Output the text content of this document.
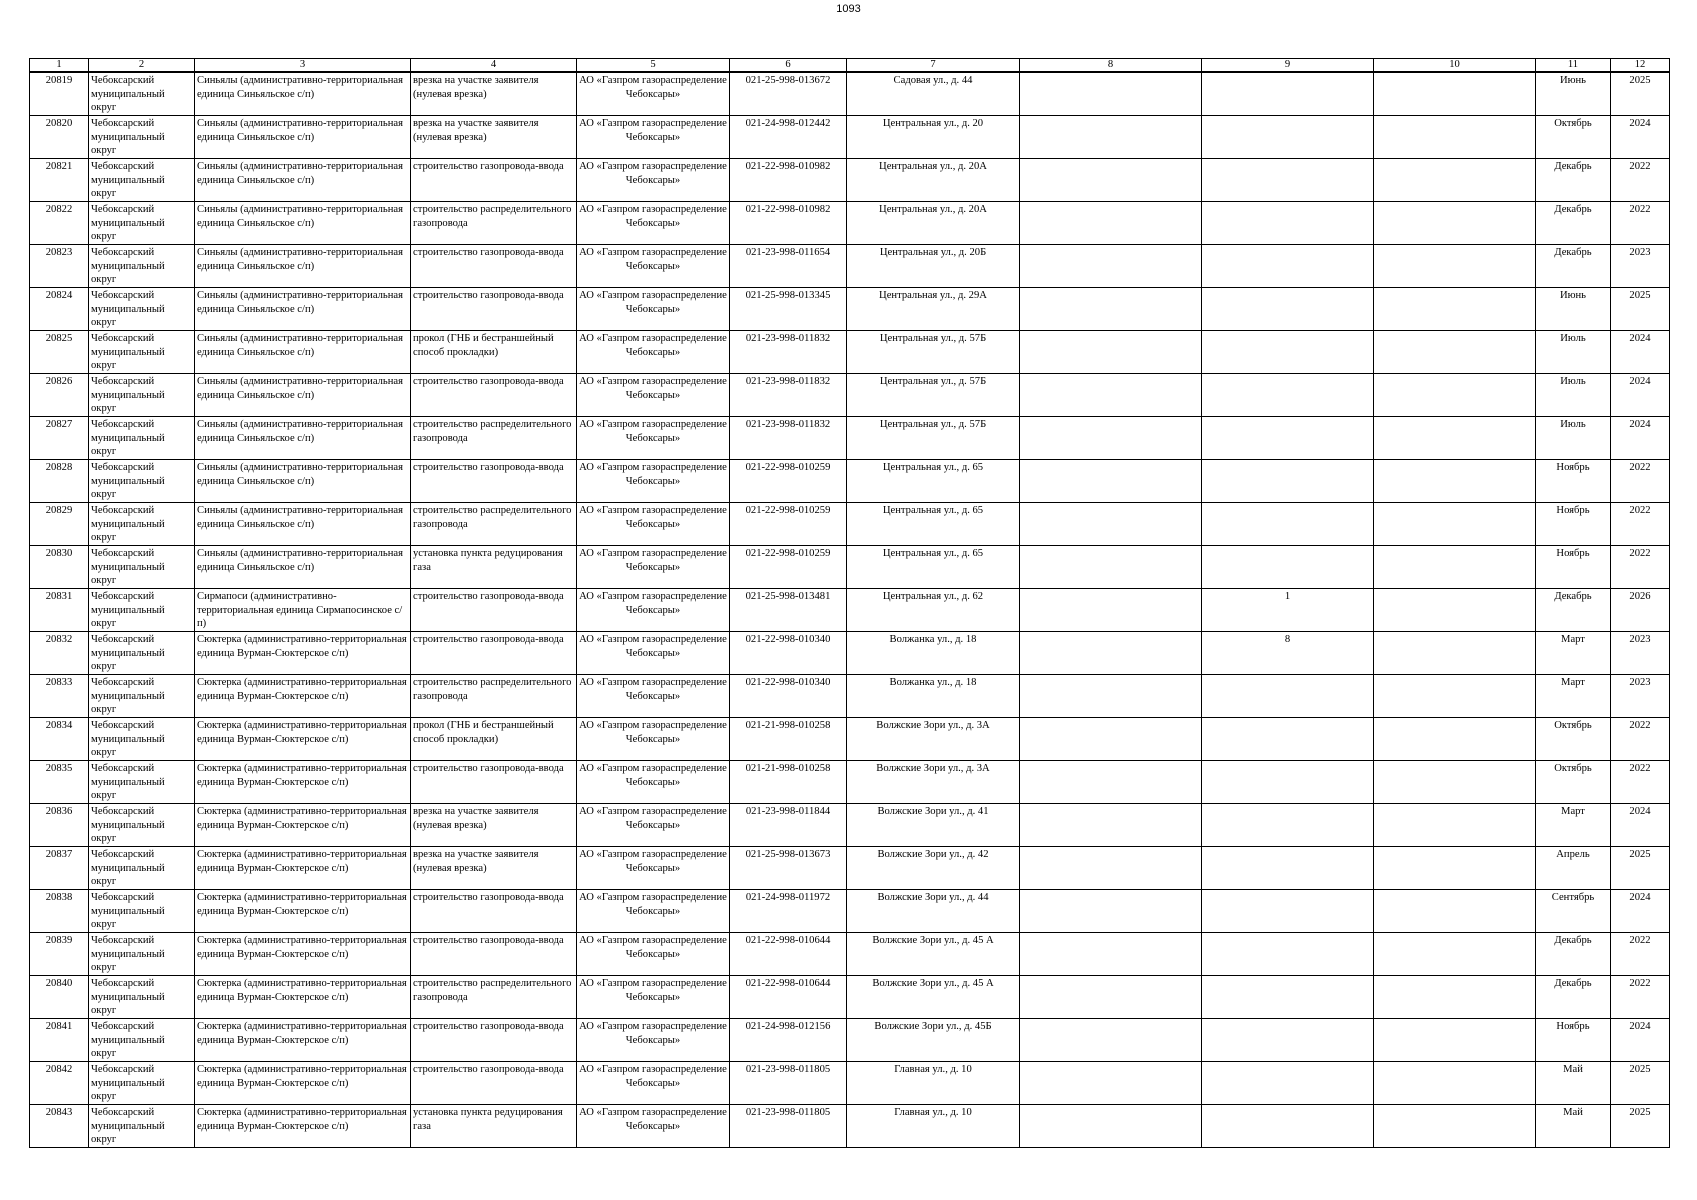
1093
1	2	3	4	5	6	7	8	9	10	11	12

20819	Чебоксарский муниципальный округ	Синьялы (административно-территориальная единица Синьяльское с/п)	врезка на участке заявителя (нулевая врезка)	АО «Газпром газораспределение Чебоксары»	021-25-998-013672	Садовая ул., д. 44				Июнь	2025

20820	Чебоксарский муниципальный округ	Синьялы (административно-территориальная единица Синьяльское с/п)	врезка на участке заявителя (нулевая врезка)	АО «Газпром газораспределение Чебоксары»	021-24-998-012442	Центральная ул., д. 20				Октябрь	2024

20821	Чебоксарский муниципальный округ	Синьялы (административно-территориальная единица Синьяльское с/п)	строительство газопровода-ввода	АО «Газпром газораспределение Чебоксары»	021-22-998-010982	Центральная ул., д. 20А				Декабрь	2022

20822	Чебоксарский муниципальный округ	Синьялы (административно-территориальная единица Синьяльское с/п)	строительство распределительного газопровода	АО «Газпром газораспределение Чебоксары»	021-22-998-010982	Центральная ул., д. 20А				Декабрь	2022

20823	Чебоксарский муниципальный округ	Синьялы (административно-территориальная единица Синьяльское с/п)	строительство газопровода-ввода	АО «Газпром газораспределение Чебоксары»	021-23-998-011654	Центральная ул., д. 20Б				Декабрь	2023

20824	Чебоксарский муниципальный округ	Синьялы (административно-территориальная единица Синьяльское с/п)	строительство газопровода-ввода	АО «Газпром газораспределение Чебоксары»	021-25-998-013345	Центральная ул., д. 29А				Июнь	2025

20825	Чебоксарский муниципальный округ	Синьялы (административно-территориальная единица Синьяльское с/п)	прокол (ГНБ и бестраншейный способ прокладки)	АО «Газпром газораспределение Чебоксары»	021-23-998-011832	Центральная ул., д. 57Б				Июль	2024

20826	Чебоксарский муниципальный округ	Синьялы (административно-территориальная единица Синьяльское с/п)	строительство газопровода-ввода	АО «Газпром газораспределение Чебоксары»	021-23-998-011832	Центральная ул., д. 57Б				Июль	2024

20827	Чебоксарский муниципальный округ	Синьялы (административно-территориальная единица Синьяльское с/п)	строительство распределительного газопровода	АО «Газпром газораспределение Чебоксары»	021-23-998-011832	Центральная ул., д. 57Б				Июль	2024

20828	Чебоксарский муниципальный округ	Синьялы (административно-территориальная единица Синьяльское с/п)	строительство газопровода-ввода	АО «Газпром газораспределение Чебоксары»	021-22-998-010259	Центральная ул., д. 65				Ноябрь	2022

20829	Чебоксарский муниципальный округ	Синьялы (административно-территориальная единица Синьяльское с/п)	строительство распределительного газопровода	АО «Газпром газораспределение Чебоксары»	021-22-998-010259	Центральная ул., д. 65				Ноябрь	2022

20830	Чебоксарский муниципальный округ	Синьялы (административно-территориальная единица Синьяльское с/п)	установка пункта редуцирования газа	АО «Газпром газораспределение Чебоксары»	021-22-998-010259	Центральная ул., д. 65				Ноябрь	2022

20831	Чебоксарский муниципальный округ	Сирмапоси (административно-территориальная единица Сирмапосинское с/п)	строительство газопровода-ввода	АО «Газпром газораспределение Чебоксары»	021-25-998-013481	Центральная ул., д. 62		1		Декабрь	2026

20832	Чебоксарский муниципальный округ	Сюктерка (административно-территориальная единица Вурман-Сюктерское с/п)	строительство газопровода-ввода	АО «Газпром газораспределение Чебоксары»	021-22-998-010340	Волжанка ул., д. 18		8		Март	2023

20833	Чебоксарский муниципальный округ	Сюктерка (административно-территориальная единица Вурман-Сюктерское с/п)	строительство распределительного газопровода	АО «Газпром газораспределение Чебоксары»	021-22-998-010340	Волжанка ул., д. 18				Март	2023

20834	Чебоксарский муниципальный округ	Сюктерка (административно-территориальная единица Вурман-Сюктерское с/п)	прокол (ГНБ и бестраншейный способ прокладки)	АО «Газпром газораспределение Чебоксары»	021-21-998-010258	Волжские Зори ул., д. 3А				Октябрь	2022

20835	Чебоксарский муниципальный округ	Сюктерка (административно-территориальная единица Вурман-Сюктерское с/п)	строительство газопровода-ввода	АО «Газпром газораспределение Чебоксары»	021-21-998-010258	Волжские Зори ул., д. 3А				Октябрь	2022

20836	Чебоксарский муниципальный округ	Сюктерка (административно-территориальная единица Вурман-Сюктерское с/п)	врезка на участке заявителя (нулевая врезка)	АО «Газпром газораспределение Чебоксары»	021-23-998-011844	Волжские Зори ул., д. 41				Март	2024

20837	Чебоксарский муниципальный округ	Сюктерка (административно-территориальная единица Вурман-Сюктерское с/п)	врезка на участке заявителя (нулевая врезка)	АО «Газпром газораспределение Чебоксары»	021-25-998-013673	Волжские Зори ул., д. 42				Апрель	2025

20838	Чебоксарский муниципальный округ	Сюктерка (административно-территориальная единица Вурман-Сюктерское с/п)	строительство газопровода-ввода	АО «Газпром газораспределение Чебоксары»	021-24-998-011972	Волжские Зори ул., д. 44				Сентябрь	2024

20839	Чебоксарский муниципальный округ	Сюктерка (административно-территориальная единица Вурман-Сюктерское с/п)	строительство газопровода-ввода	АО «Газпром газораспределение Чебоксары»	021-22-998-010644	Волжские Зори ул., д. 45 А				Декабрь	2022

20840	Чебоксарский муниципальный округ	Сюктерка (административно-территориальная единица Вурман-Сюктерское с/п)	строительство распределительного газопровода	АО «Газпром газораспределение Чебоксары»	021-22-998-010644	Волжские Зори ул., д. 45 А				Декабрь	2022

20841	Чебоксарский муниципальный округ	Сюктерка (административно-территориальная единица Вурман-Сюктерское с/п)	строительство газопровода-ввода	АО «Газпром газораспределение Чебоксары»	021-24-998-012156	Волжские Зори ул., д. 45Б				Ноябрь	2024

20842	Чебоксарский муниципальный округ	Сюктерка (административно-территориальная единица Вурман-Сюктерское с/п)	строительство газопровода-ввода	АО «Газпром газораспределение Чебоксары»	021-23-998-011805	Главная ул., д. 10				Май	2025

20843	Чебоксарский муниципальный округ	Сюктерка (административно-территориальная единица Вурман-Сюктерское с/п)	установка пункта редуцирования газа	АО «Газпром газораспределение Чебоксары»	021-23-998-011805	Главная ул., д. 10				Май	2025
